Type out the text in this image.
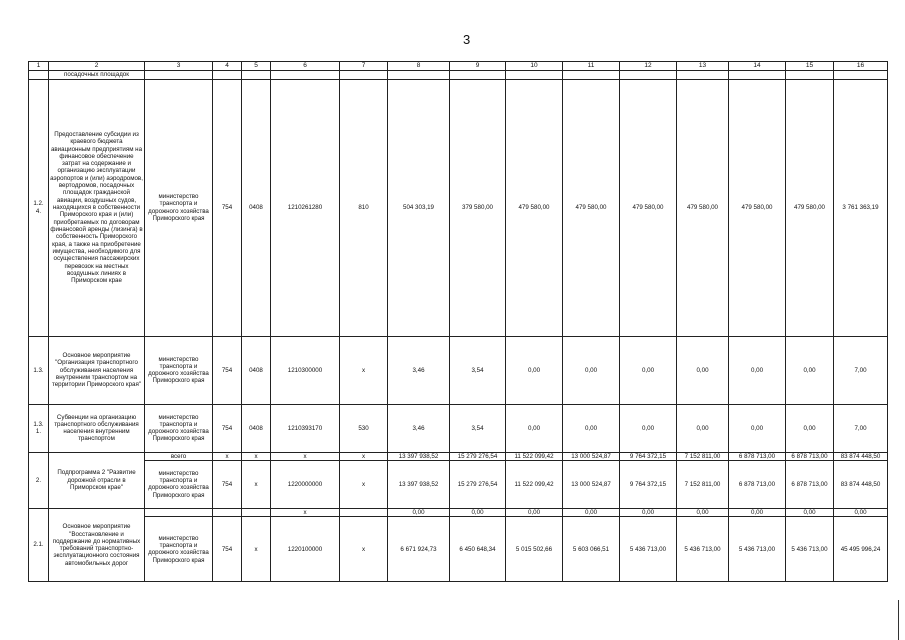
3
1	2	3	4	5	6	7	8	9	10	11	12	13	14	15	16
	посадочных площадок														
1.2. 4.	Предоставление субсидии из краевого бюджета авиационным предприятиям на финансовое обеспечение затрат на содержание и организацию эксплуатации аэропортов и (или) аэродромов, вертодромов, посадочных площадок гражданской авиации, воздушных судов, находящихся в собственности Приморского края и (или) приобретаемых по договорам финансовой аренды (лизинга) в собственность Приморского края, а также на приобретение имущества, необходимого для осуществления пассажирских перевозок на местных воздушных линиях в Приморском крае	министерство транспорта и дорожного хозяйства Приморского края	754	0408	1210261280	810	504 303,19	379 580,00	479 580,00	479 580,00	479 580,00	479 580,00	479 580,00	479 580,00	3 761 363,19
1.3.	Основное мероприятие "Организация транспортного обслуживания населения внутренним транспортом на территории Приморского края"	министерство транспорта и дорожного хозяйства Приморского края	754	0408	1210300000	x	3,46	3,54	0,00	0,00	0,00	0,00	0,00	0,00	7,00
1.3. 1.	Субвенции на организацию транспортного обслуживания населения внутренним транспортом	министерство транспорта и дорожного хозяйства Приморского края	754	0408	1210393170	530	3,46	3,54	0,00	0,00	0,00	0,00	0,00	0,00	7,00
2.	Подпрограмма 2 "Развитие дорожной отрасли в Приморском крае"	всего	x	x	x	x	13 397 938,52	15 279 276,54	11 522 099,42	13 000 524,87	9 764 372,15	7 152 811,00	6 878 713,00	6 878 713,00	83 874 448,50
		министерство транспорта и дорожного хозяйства Приморского края	754	x	1220000000	x	13 397 938,52	15 279 276,54	11 522 099,42	13 000 524,87	9 764 372,15	7 152 811,00	6 878 713,00	6 878 713,00	83 874 448,50
2.1.	Основное мероприятие "Восстановление и поддержание до нормативных требований транспортно-эксплуатационного состояния автомобильных дорог				x		0,00	0,00	0,00	0,00	0,00	0,00	0,00	0,00	0,00
		министерство транспорта и дорожного хозяйства Приморского края	754	x	1220100000	x	6 671 924,73	6 450 648,34	5 015 502,66	5 603 066,51	5 436 713,00	5 436 713,00	5 436 713,00	5 436 713,00	45 495 996,24
